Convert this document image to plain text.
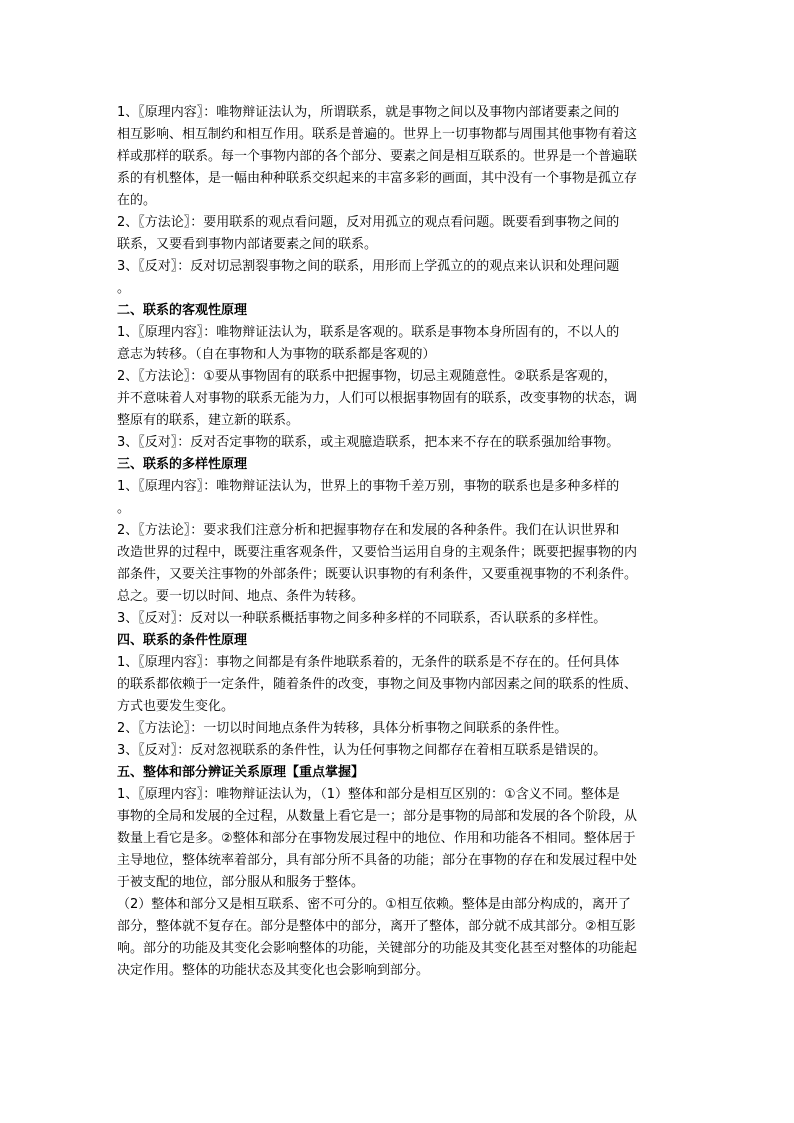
1、〖原理内容〗：唯物辩证法认为，所谓联系，就是事物之间以及事物内部诸要素之间的
相互影响、相互制约和相互作用。联系是普遍的。世界上一切事物都与周围其他事物有着这
样或那样的联系。每一个事物内部的各个部分、要素之间是相互联系的。世界是一个普遍联
系的有机整体，是一幅由种种联系交织起来的丰富多彩的画面，其中没有一个事物是孤立存
在的。
2、〖方法论〗：要用联系的观点看问题，反对用孤立的观点看问题。既要看到事物之间的
联系，又要看到事物内部诸要素之间的联系。
3、〖反对〗：反对切忌割裂事物之间的联系，用形而上学孤立的的观点来认识和处理问题
。
二、联系的客观性原理
1、〖原理内容〗：唯物辩证法认为，联系是客观的。联系是事物本身所固有的，不以人的
意志为转移。（自在事物和人为事物的联系都是客观的）
2、〖方法论〗：①要从事物固有的联系中把握事物，切忌主观随意性。②联系是客观的，
并不意味着人对事物的联系无能为力，人们可以根据事物固有的联系，改变事物的状态，调
整原有的联系，建立新的联系。
3、〖反对〗：反对否定事物的联系，或主观臆造联系，把本来不存在的联系强加给事物。
三、联系的多样性原理
1、〖原理内容〗：唯物辩证法认为，世界上的事物千差万别，事物的联系也是多种多样的
。
2、〖方法论〗：要求我们注意分析和把握事物存在和发展的各种条件。我们在认识世界和
改造世界的过程中，既要注重客观条件，又要恰当运用自身的主观条件；既要把握事物的内
部条件，又要关注事物的外部条件；既要认识事物的有利条件，又要重视事物的不利条件。
总之。要一切以时间、地点、条件为转移。
3、〖反对〗：反对以一种联系概括事物之间多种多样的不同联系，否认联系的多样性。
四、联系的条件性原理
1、〖原理内容〗：事物之间都是有条件地联系着的，无条件的联系是不存在的。任何具体
的联系都依赖于一定条件，随着条件的改变，事物之间及事物内部因素之间的联系的性质、
方式也要发生变化。
2、〖方法论〗：一切以时间地点条件为转移，具体分析事物之间联系的条件性。
3、〖反对〗：反对忽视联系的条件性，认为任何事物之间都存在着相互联系是错误的。
五、整体和部分辨证关系原理【重点掌握】
1、〖原理内容〗：唯物辩证法认为，（1）整体和部分是相互区别的：①含义不同。整体是
事物的全局和发展的全过程，从数量上看它是一；部分是事物的局部和发展的各个阶段，从
数量上看它是多。②整体和部分在事物发展过程中的地位、作用和功能各不相同。整体居于
主导地位，整体统率着部分，具有部分所不具备的功能；部分在事物的存在和发展过程中处
于被支配的地位，部分服从和服务于整体。
（2）整体和部分又是相互联系、密不可分的。①相互依赖。整体是由部分构成的，离开了
部分，整体就不复存在。部分是整体中的部分，离开了整体，部分就不成其部分。②相互影
响。部分的功能及其变化会影响整体的功能，关键部分的功能及其变化甚至对整体的功能起
决定作用。整体的功能状态及其变化也会影响到部分。
